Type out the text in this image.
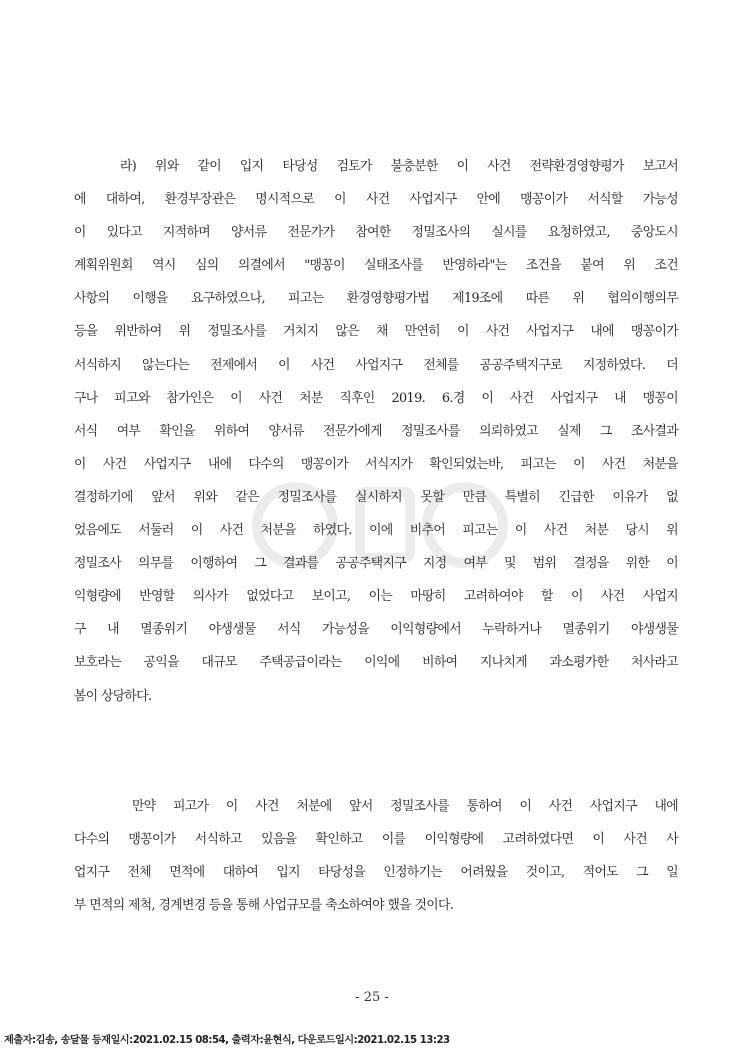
라) 위와 같이 입지 타당성 검토가 불충분한 이 사건 전략환경영향평가 보고서
에 대하여, 환경부장관은 명시적으로 이 사건 사업지구 안에 맹꽁이가 서식할 가능성
이 있다고 지적하며 양서류 전문가가 참여한 정밀조사의 실시를 요청하였고, 중앙도시
계획위원회 역시 심의 의결에서 "맹꽁이 실태조사를 반영하라"는 조건을 붙여 위 조건
사항의 이행을 요구하였으나, 피고는 환경영향평가법 제19조에 따른 위 협의이행의무
등을 위반하여 위 정밀조사를 거치지 않은 채 만연히 이 사건 사업지구 내에 맹꽁이가
서식하지 않는다는 전제에서 이 사건 사업지구 전체를 공공주택지구로 지정하였다. 더
구나 피고와 참가인은 이 사건 처분 직후인 2019. 6.경 이 사건 사업지구 내 맹꽁이
서식 여부 확인을 위하여 양서류 전문가에게 정밀조사를 의뢰하였고 실제 그 조사결과
이 사건 사업지구 내에 다수의 맹꽁이가 서식지가 확인되었는바, 피고는 이 사건 처분을
결정하기에 앞서 위와 같은 정밀조사를 실시하지 못할 만큼 특별히 긴급한 이유가 없
었음에도 서둘러 이 사건 처분을 하였다. 이에 비추어 피고는 이 사건 처분 당시 위
정밀조사 의무를 이행하여 그 결과를 공공주택지구 지정 여부 및 범위 결정을 위한 이
익형량에 반영할 의사가 없었다고 보이고, 이는 마땅히 고려하여야 할 이 사건 사업지
구 내 멸종위기 야생생물 서식 가능성을 이익형량에서 누락하거나 멸종위기 야생생물
보호라는 공익을 대규모 주택공급이라는 이익에 비하여 지나치게 과소평가한 처사라고
봄이 상당하다.
만약 피고가 이 사건 처분에 앞서 정밀조사를 통하여 이 사건 사업지구 내에
다수의 맹꽁이가 서식하고 있음을 확인하고 이를 이익형량에 고려하였다면 이 사건 사
업지구 전체 면적에 대하여 입지 타당성을 인정하기는 어려웠을 것이고, 적어도 그 일
부 면적의 제척, 경계변경 등을 통해 사업규모를 축소하여야 했을 것이다.
- 25 -
제출자:김송, 송달물 등재일시:2021.02.15 08:54, 출력자:윤현식, 다운로드일시:2021.02.15 13:23
